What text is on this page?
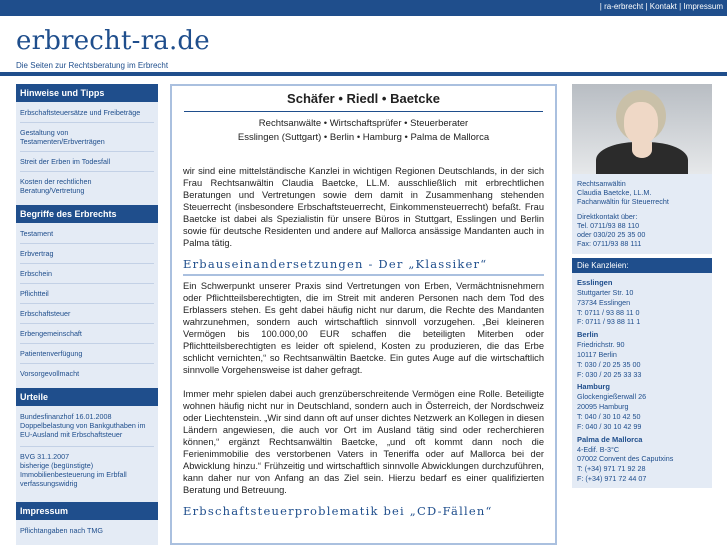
| ra-erbrecht | Kontakt | Impressum
erbrecht-ra.de
Die Seiten zur Rechtsberatung im Erbrecht
Hinweise und Tipps
Erbschaftsteuersätze und Freibeträge
Gestaltung von Testamenten/Erbverträgen
Streit der Erben im Todesfall
Kosten der rechtlichen Beratung/Vertretung
Begriffe des Erbrechts
Testament
Erbvertrag
Erbschein
Pflichtteil
Erbschaftsteuer
Erbengemeinschaft
Patientenverfügung
Vorsorgevollmacht
Urteile
Bundesfinanzhof 16.01.2008
Doppelbelastung von Bankguthaben im EU-Ausland mit Erbschaftsteuer
BVG 31.1.2007
bisherige (begünstigte) Immobilienbesteuerung im Erbfall verfassungswidrig
Impressum
Pflichtangaben nach TMG
Schäfer • Riedl • Baetcke
Rechtsanwälte • Wirtschaftsprüfer • Steuerberater
Esslingen (Suttgart) • Berlin • Hamburg • Palma de Mallorca

wir sind eine mittelständische Kanzlei in wichtigen Regionen Deutschlands, in der sich Frau Rechtsanwältin Claudia Baetcke, LL.M. ausschließlich mit erbrechtlichen Beratungen und Vertretungen sowie dem damit in Zusammenhang stehenden Steuerrecht (insbesondere Erbschaftsteuerrecht, Einkommensteuerrecht) befaßt. Frau Baetcke ist dabei als Spezialistin für unsere Büros in Stuttgart, Esslingen und Berlin sowie für deutsche Residenten und andere auf Mallorca ansässige Mandanten auch in Palma tätig.

Erbauseinandersetzungen - Der „Klassiker“

Ein Schwerpunkt unserer Praxis sind Vertretungen von Erben, Vermächtnisnehmern oder Pflichtteilsberechtigten, die im Streit mit anderen Personen nach dem Tod des Erblassers stehen. Es geht dabei häufig nicht nur darum, die Rechte des Mandanten wahrzunehmen, sondern auch wirtschaftlich sinnvoll vorzugehen. „Bei kleineren Vermögen bis 100.000,00 EUR schaffen die beteiligten Miterben oder Pflichtteilsberechtigten es leider oft spielend, Kosten zu produzieren, die das Erbe schlicht vernichten,“ so Rechtsanwältin Baetcke. Ein gutes Auge auf die wirtschaftlich sinnvolle Vorgehensweise ist daher gefragt.

Immer mehr spielen dabei auch grenzüberschreitende Vermögen eine Rolle. Beteiligte wohnen häufig nicht nur in Deutschland, sondern auch in Österreich, der Nordschweiz oder Liechtenstein. „Wir sind dann oft auf unser dichtes Netzwerk an Kollegen in diesen Ländern angewiesen, die auch vor Ort im Ausland tätig sind oder recherchieren können,“ ergänzt Rechtsanwältin Baetcke, „und oft kommt dann noch die Ferienimmobilie des verstorbenen Vaters in Teneriffa oder auf Mallorca bei der Abwicklung hinzu.“ Frühzeitig und wirtschaftlich sinnvolle Abwicklungen durchzuführen, kann daher nur von Anfang an das Ziel sein. Hierzu bedarf es einer qualifizierten Beratung und Betreuung.

Erbschaftsteuerproblematik bei „CD-Fällen“
Rechtsanwältin
Claudia Baetcke, LL.M.
Fachanwältin für Steuerrecht
Direktkontakt über:
Tel. 0711/93 88 110
oder 030/20 25 35 00
Fax: 0711/93 88 111
Die Kanzleien:
Esslingen
Stuttgarter Str. 10
73734 Esslingen
T: 0711 / 93 88 11 0
F: 0711 / 93 88 11 1
Berlin
Friedrichstr. 90
10117 Berlin
T: 030 / 20 25 35 00
F: 030 / 20 25 33 33
Hamburg
Glockengießerwall 26
20095 Hamburg
T: 040 / 30 10 42 50
F: 040 / 30 10 42 99
Palma de Mallorca
4-Edif. B-3°C
07002 Convent des Caputxins
T: (+34) 971 71 92 28
F: (+34) 971 72 44 07
